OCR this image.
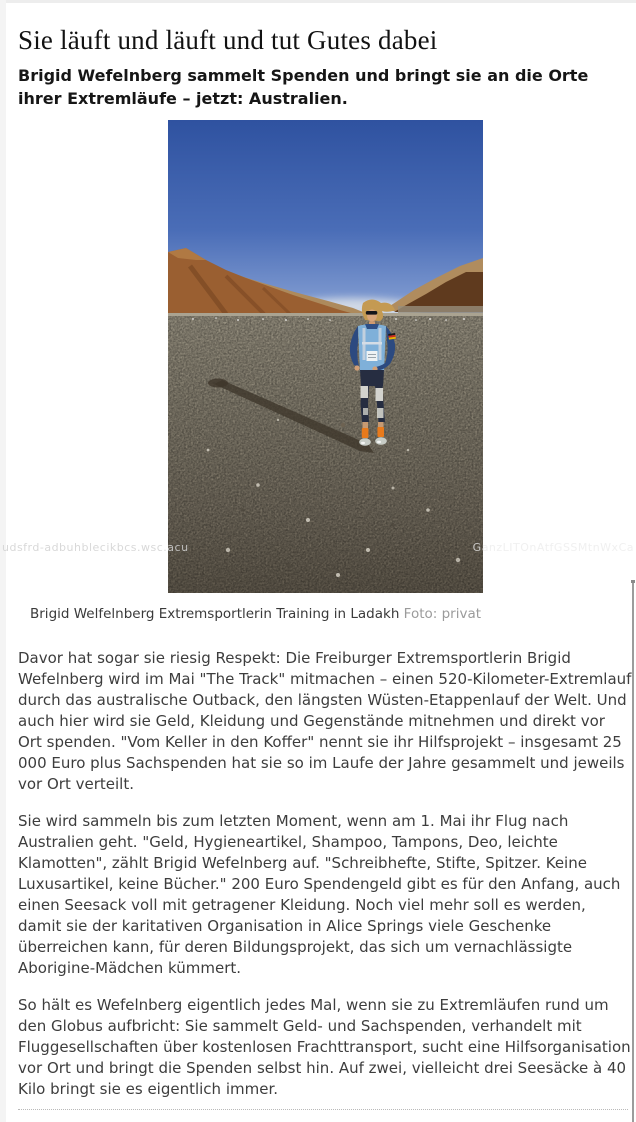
udsfrd-adbuhblecikbcs.wsc.acu	GanzLITOnAtfGSSMtnWxCa
Sie läuft und läuft und tut Gutes dabei
Brigid Wefelnberg sammelt Spenden und bringt sie an die Orte ihrer Extremläufe – jetzt: Australien.
Brigid Welfelnberg Extremsportlerin Training in Ladakh Foto: privat

Davor hat sogar sie riesig Respekt: Die Freiburger Extremsportlerin Brigid Wefelnberg wird im Mai "The Track" mitmachen – einen 520-Kilometer-Extremlauf durch das australische Outback, den längsten Wüsten-Etappenlauf der Welt. Und auch hier wird sie Geld, Kleidung und Gegenstände mitnehmen und direkt vor Ort spenden. "Vom Keller in den Koffer" nennt sie ihr Hilfsprojekt – insgesamt 25 000 Euro plus Sachspenden hat sie so im Laufe der Jahre gesammelt und jeweils vor Ort verteilt.

Sie wird sammeln bis zum letzten Moment, wenn am 1. Mai ihr Flug nach Australien geht. "Geld, Hygieneartikel, Shampoo, Tampons, Deo, leichte Klamotten", zählt Brigid Wefelnberg auf. "Schreibhefte, Stifte, Spitzer. Keine Luxusartikel, keine Bücher." 200 Euro Spendengeld gibt es für den Anfang, auch einen Seesack voll mit getragener Kleidung. Noch viel mehr soll es werden, damit sie der karitativen Organisation in Alice Springs viele Geschenke überreichen kann, für deren Bildungsprojekt, das sich um vernachlässigte Aborigine-Mädchen kümmert.

So hält es Wefelnberg eigentlich jedes Mal, wenn sie zu Extremläufen rund um den Globus aufbricht: Sie sammelt Geld- und Sachspenden, verhandelt mit Fluggesellschaften über kostenlosen Frachttransport, sucht eine Hilfsorganisation vor Ort und bringt die Spenden selbst hin. Auf zwei, vielleicht drei Seesäcke à 40 Kilo bringt sie es eigentlich immer.
